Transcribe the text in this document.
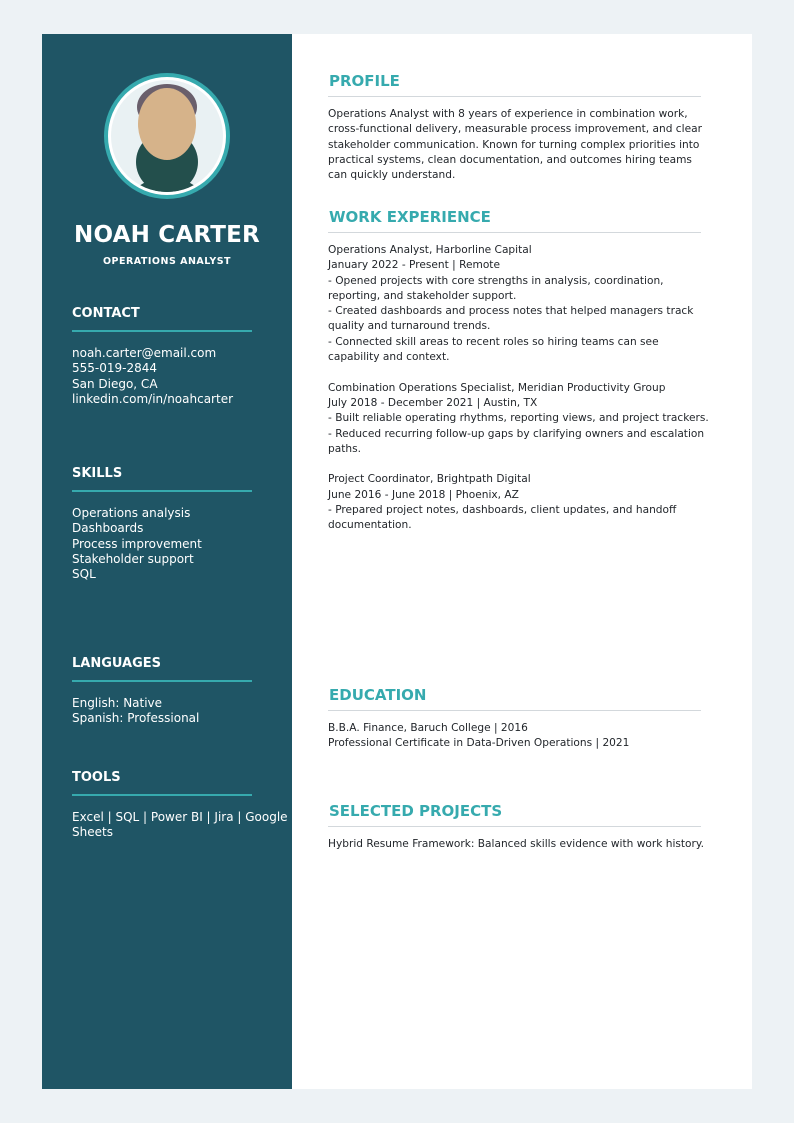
NOAH CARTER
OPERATIONS ANALYST
CONTACT
noah.carter@email.com
555-019-2844
San Diego, CA
linkedin.com/in/noahcarter
SKILLS
Operations analysis
Dashboards
Process improvement
Stakeholder support
SQL
LANGUAGES
English: Native
Spanish: Professional
TOOLS
Excel | SQL | Power BI | Jira | Google
Sheets
PROFILE
Operations Analyst with 8 years of experience in combination work,
cross-functional delivery, measurable process improvement, and clear
stakeholder communication. Known for turning complex priorities into
practical systems, clean documentation, and outcomes hiring teams
can quickly understand.
WORK EXPERIENCE
Operations Analyst, Harborline Capital
January 2022 - Present | Remote
- Opened projects with core strengths in analysis, coordination,
reporting, and stakeholder support.
- Created dashboards and process notes that helped managers track
quality and turnaround trends.
- Connected skill areas to recent roles so hiring teams can see
capability and context.
Combination Operations Specialist, Meridian Productivity Group
July 2018 - December 2021 | Austin, TX
- Built reliable operating rhythms, reporting views, and project trackers.
- Reduced recurring follow-up gaps by clarifying owners and escalation
paths.
Project Coordinator, Brightpath Digital
June 2016 - June 2018 | Phoenix, AZ
- Prepared project notes, dashboards, client updates, and handoff
documentation.
EDUCATION
B.B.A. Finance, Baruch College | 2016
Professional Certificate in Data-Driven Operations | 2021
SELECTED PROJECTS
Hybrid Resume Framework: Balanced skills evidence with work history.
